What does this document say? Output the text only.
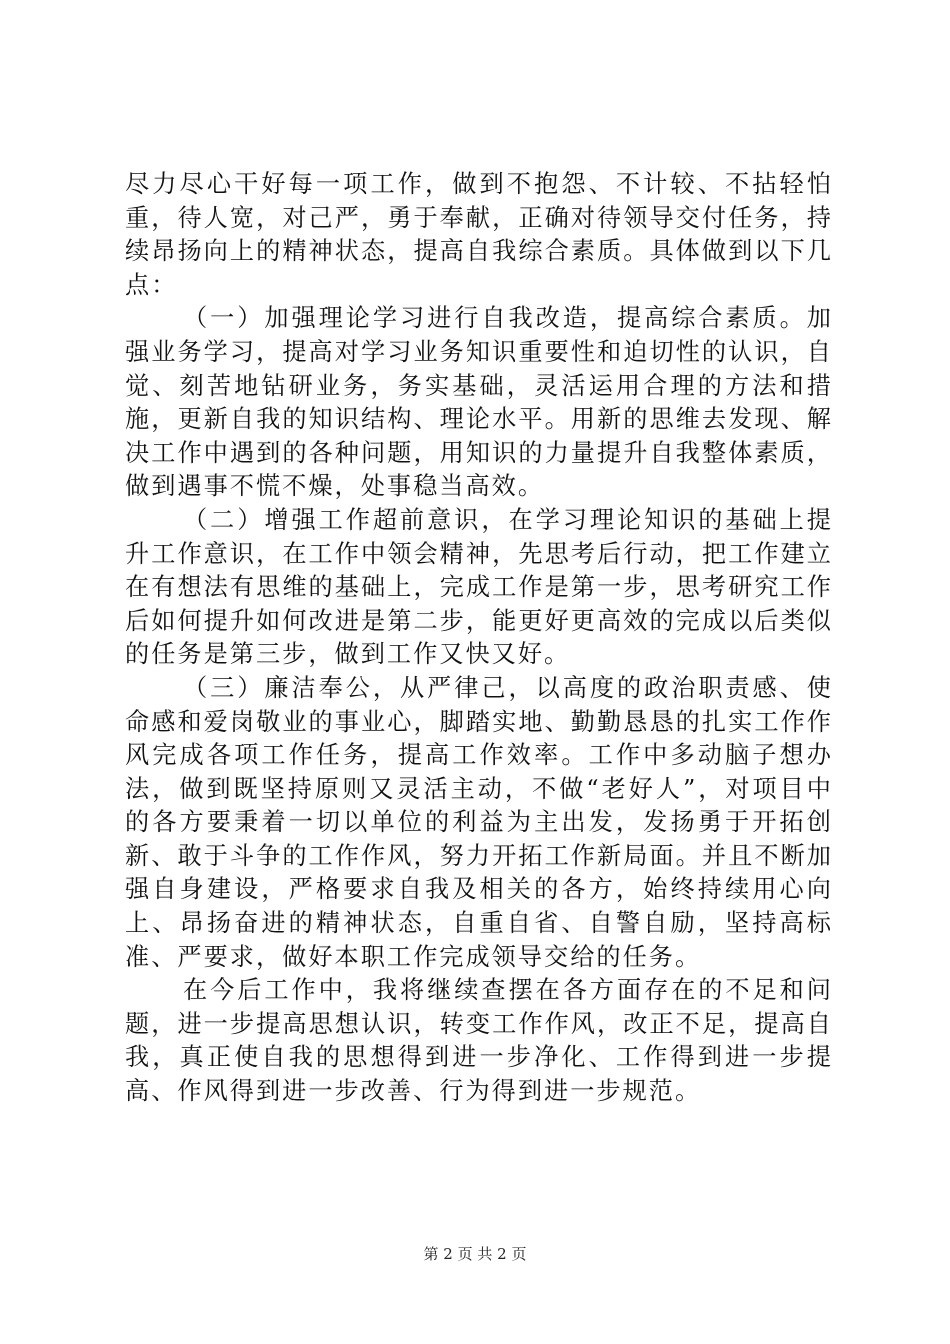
尽力尽心干好每一项工作，做到不抱怨、不计较、不拈轻怕重，待人宽，对己严，勇于奉献，正确对待领导交付任务，持续昂扬向上的精神状态，提高自我综合素质。具体做到以下几点：

（一）加强理论学习进行自我改造，提高综合素质。加强业务学习，提高对学习业务知识重要性和迫切性的认识，自觉、刻苦地钻研业务，务实基础，灵活运用合理的方法和措施，更新自我的知识结构、理论水平。用新的思维去发现、解决工作中遇到的各种问题，用知识的力量提升自我整体素质，做到遇事不慌不燥，处事稳当高效。

（二）增强工作超前意识，在学习理论知识的基础上提升工作意识，在工作中领会精神，先思考后行动，把工作建立在有想法有思维的基础上，完成工作是第一步，思考研究工作后如何提升如何改进是第二步，能更好更高效的完成以后类似的任务是第三步，做到工作又快又好。

（三）廉洁奉公，从严律己，以高度的政治职责感、使命感和爱岗敬业的事业心，脚踏实地、勤勤恳恳的扎实工作作风完成各项工作任务，提高工作效率。工作中多动脑子想办法，做到既坚持原则又灵活主动，不做“老好人”，对项目中的各方要秉着一切以单位的利益为主出发，发扬勇于开拓创新、敢于斗争的工作作风，努力开拓工作新局面。并且不断加强自身建设，严格要求自我及相关的各方，始终持续用心向上、昂扬奋进的精神状态，自重自省、自警自励，坚持高标准、严要求，做好本职工作完成领导交给的任务。

在今后工作中，我将继续查摆在各方面存在的不足和问题，进一步提高思想认识，转变工作作风，改正不足，提高自我，真正使自我的思想得到进一步净化、工作得到进一步提高、作风得到进一步改善、行为得到进一步规范。

第 2 页 共 2 页
